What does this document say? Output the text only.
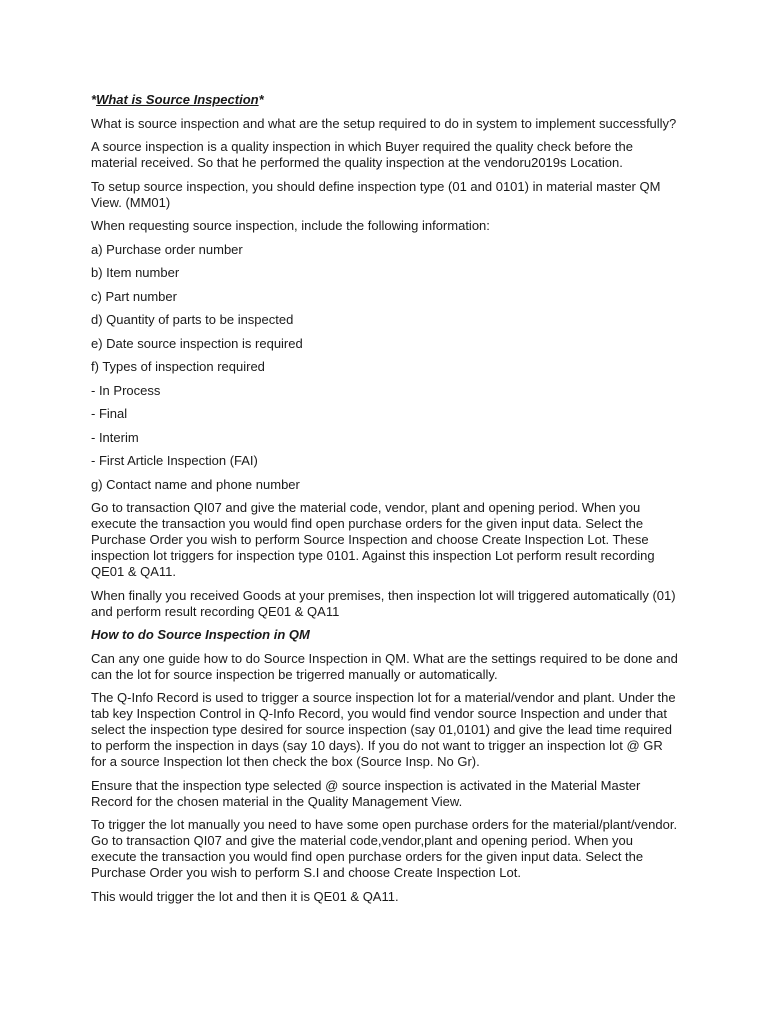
*What is Source Inspection*

What is source inspection and what are the setup required to do in system to implement successfully?

A source inspection is a quality inspection in which Buyer required the quality check before the material received. So that he performed the quality inspection at the vendoru2019s Location.

To setup source inspection, you should define inspection type (01 and 0101) in material master QM View. (MM01)

When requesting source inspection, include the following information:

a) Purchase order number

b) Item number

c) Part number

d) Quantity of parts to be inspected

e) Date source inspection is required

f) Types of inspection required

- In Process

- Final

- Interim

- First Article Inspection (FAI)

g) Contact name and phone number

Go to transaction QI07 and give the material code, vendor, plant and opening period. When you execute the transaction you would find open purchase orders for the given input data. Select the Purchase Order you wish to perform Source Inspection and choose Create Inspection Lot. These inspection lot triggers for inspection type 0101. Against this inspection Lot perform result recording QE01 & QA11.

When finally you received Goods at your premises, then inspection lot will triggered automatically (01) and perform result recording QE01 & QA11

How to do Source Inspection in QM

Can any one guide how to do Source Inspection in QM. What are the settings required to be done and can the lot for source inspection be trigerred manually or automatically.

The Q-Info Record is used to trigger a source inspection lot for a material/vendor and plant. Under the tab key Inspection Control in Q-Info Record, you would find vendor source Inspection and under that select the inspection type desired for source inspection (say 01,0101) and give the lead time required to perform the inspection in days (say 10 days). If you do not want to trigger an inspection lot @ GR for a source Inspection lot then check the box (Source Insp. No Gr).

Ensure that the inspection type selected @ source inspection is activated in the Material Master Record for the chosen material in the Quality Management View.

To trigger the lot manually you need to have some open purchase orders for the material/plant/vendor. Go to transaction QI07 and give the material code,vendor,plant and opening period. When you execute the transaction you would find open purchase orders for the given input data. Select the Purchase Order you wish to perform S.I and choose Create Inspection Lot.

This would trigger the lot and then it is QE01 & QA11.
